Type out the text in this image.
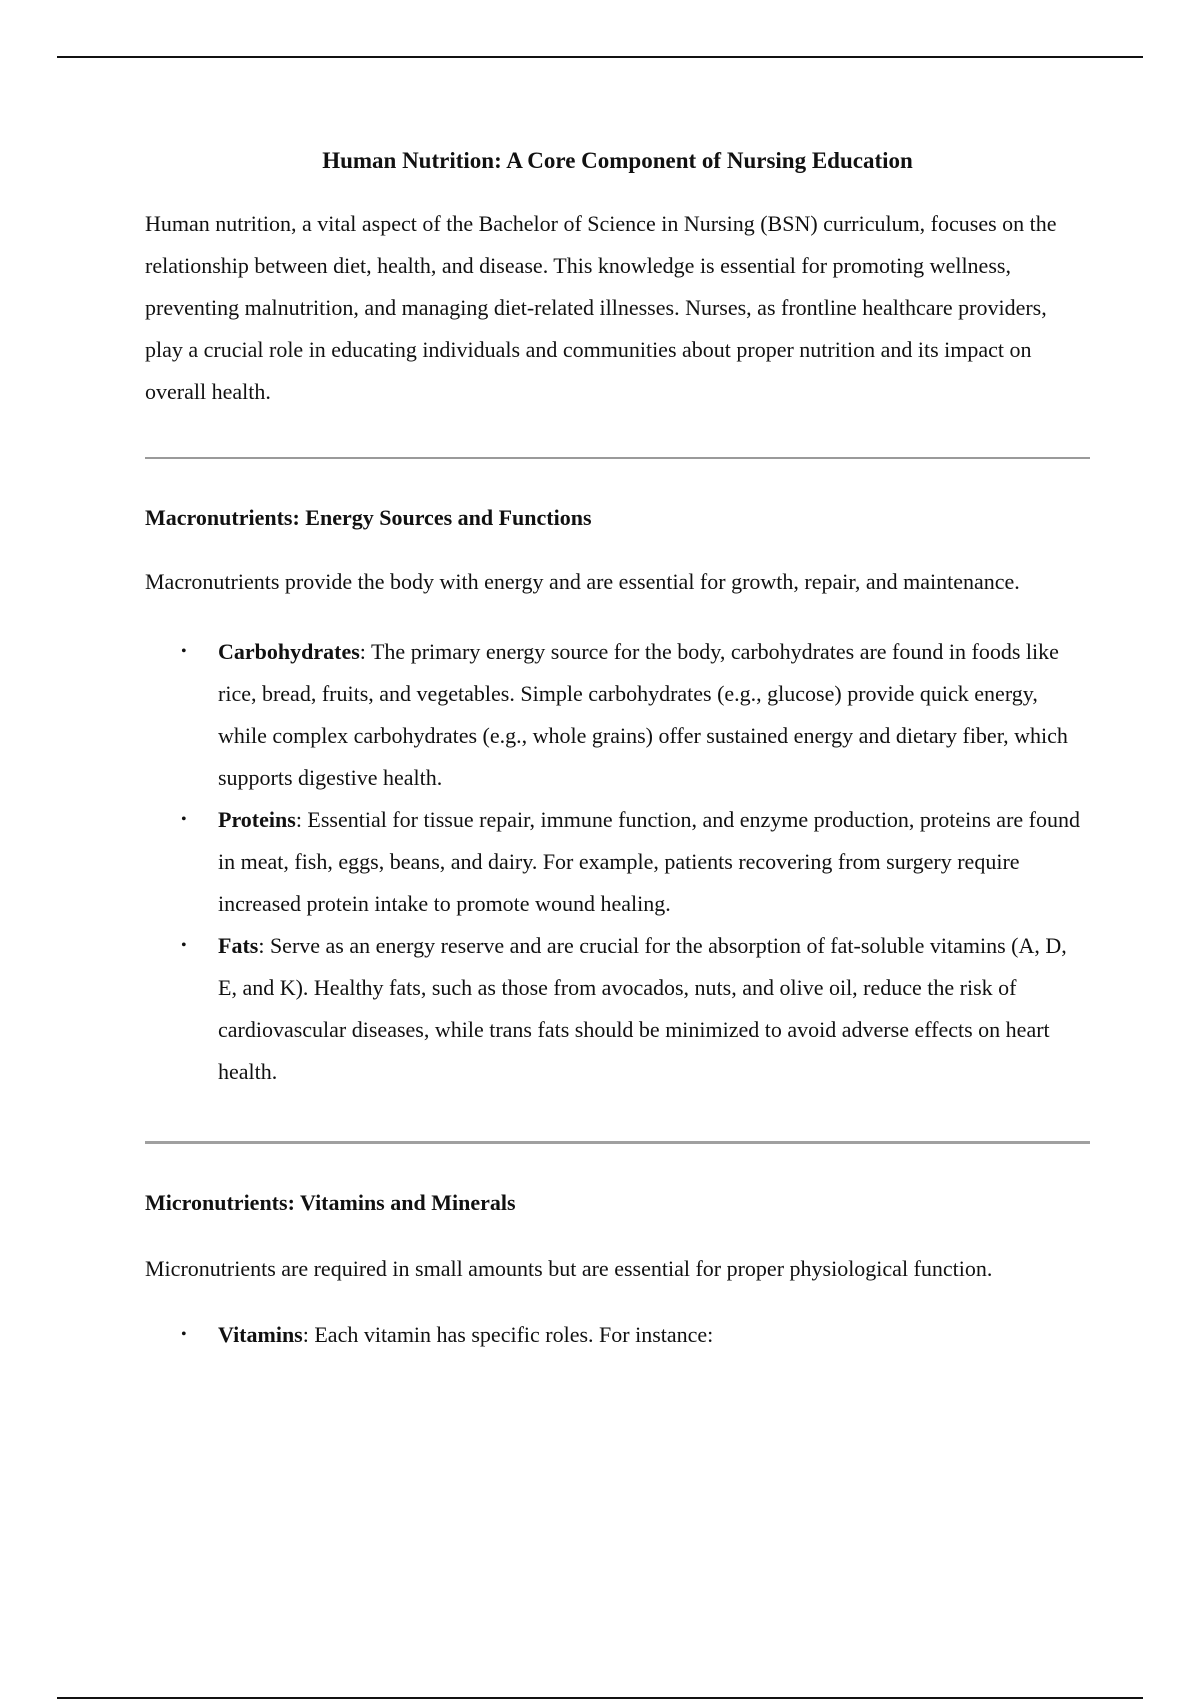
Human Nutrition: A Core Component of Nursing Education

Human nutrition, a vital aspect of the Bachelor of Science in Nursing (BSN) curriculum, focuses on the relationship between diet, health, and disease. This knowledge is essential for promoting wellness, preventing malnutrition, and managing diet-related illnesses. Nurses, as frontline healthcare providers, play a crucial role in educating individuals and communities about proper nutrition and its impact on overall health.

Macronutrients: Energy Sources and Functions

Macronutrients provide the body with energy and are essential for growth, repair, and maintenance.

• Carbohydrates: The primary energy source for the body, carbohydrates are found in foods like rice, bread, fruits, and vegetables. Simple carbohydrates (e.g., glucose) provide quick energy, while complex carbohydrates (e.g., whole grains) offer sustained energy and dietary fiber, which supports digestive health.
• Proteins: Essential for tissue repair, immune function, and enzyme production, proteins are found in meat, fish, eggs, beans, and dairy. For example, patients recovering from surgery require increased protein intake to promote wound healing.
• Fats: Serve as an energy reserve and are crucial for the absorption of fat-soluble vitamins (A, D, E, and K). Healthy fats, such as those from avocados, nuts, and olive oil, reduce the risk of cardiovascular diseases, while trans fats should be minimized to avoid adverse effects on heart health.
Micronutrients: Vitamins and Minerals

Micronutrients are required in small amounts but are essential for proper physiological function.

• Vitamins: Each vitamin has specific roles. For instance:
